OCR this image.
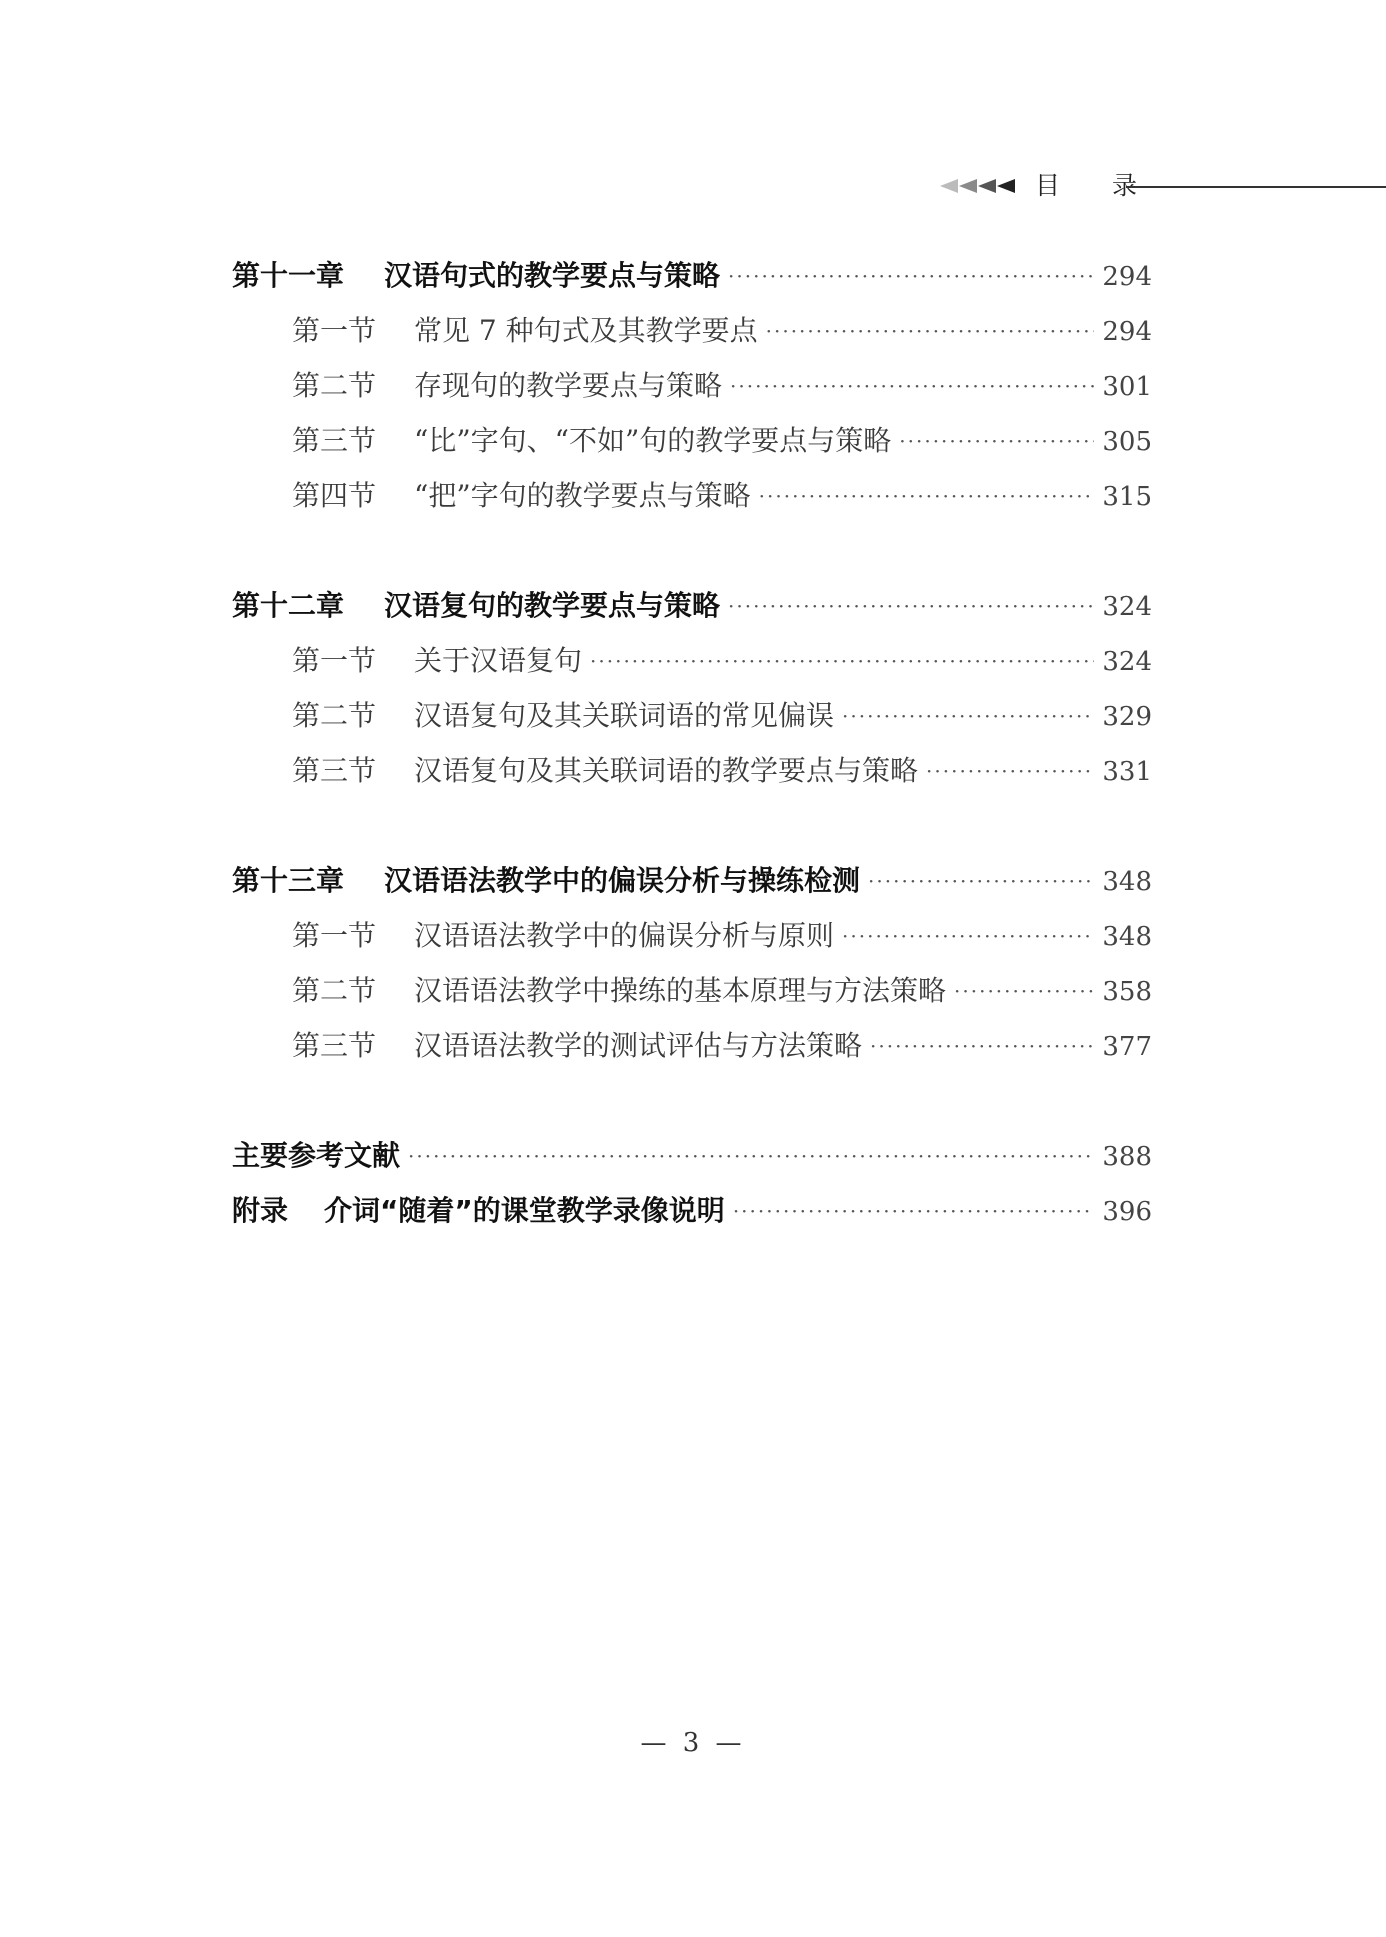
目 录
第十一章	汉语句式的教学要点与策略 ·····	294
第一节	常见 7 种句式及其教学要点 ·····	294
第二节	存现句的教学要点与策略 ·····	301
第三节	“比”字句、“不如”句的教学要点与策略 ·····	305
第四节	“把”字句的教学要点与策略 ·····	315
第十二章	汉语复句的教学要点与策略 ·····	324
第一节	关于汉语复句 ·····	324
第二节	汉语复句及其关联词语的常见偏误 ·····	329
第三节	汉语复句及其关联词语的教学要点与策略 ·····	331
第十三章	汉语语法教学中的偏误分析与操练检测 ·····	348
第一节	汉语语法教学中的偏误分析与原则 ·····	348
第二节	汉语语法教学中操练的基本原理与方法策略 ·····	358
第三节	汉语语法教学的测试评估与方法策略 ·····	377
主要参考文献 ·····	388
附录	介词“随着”的课堂教学录像说明 ·····	396
— 3 —
